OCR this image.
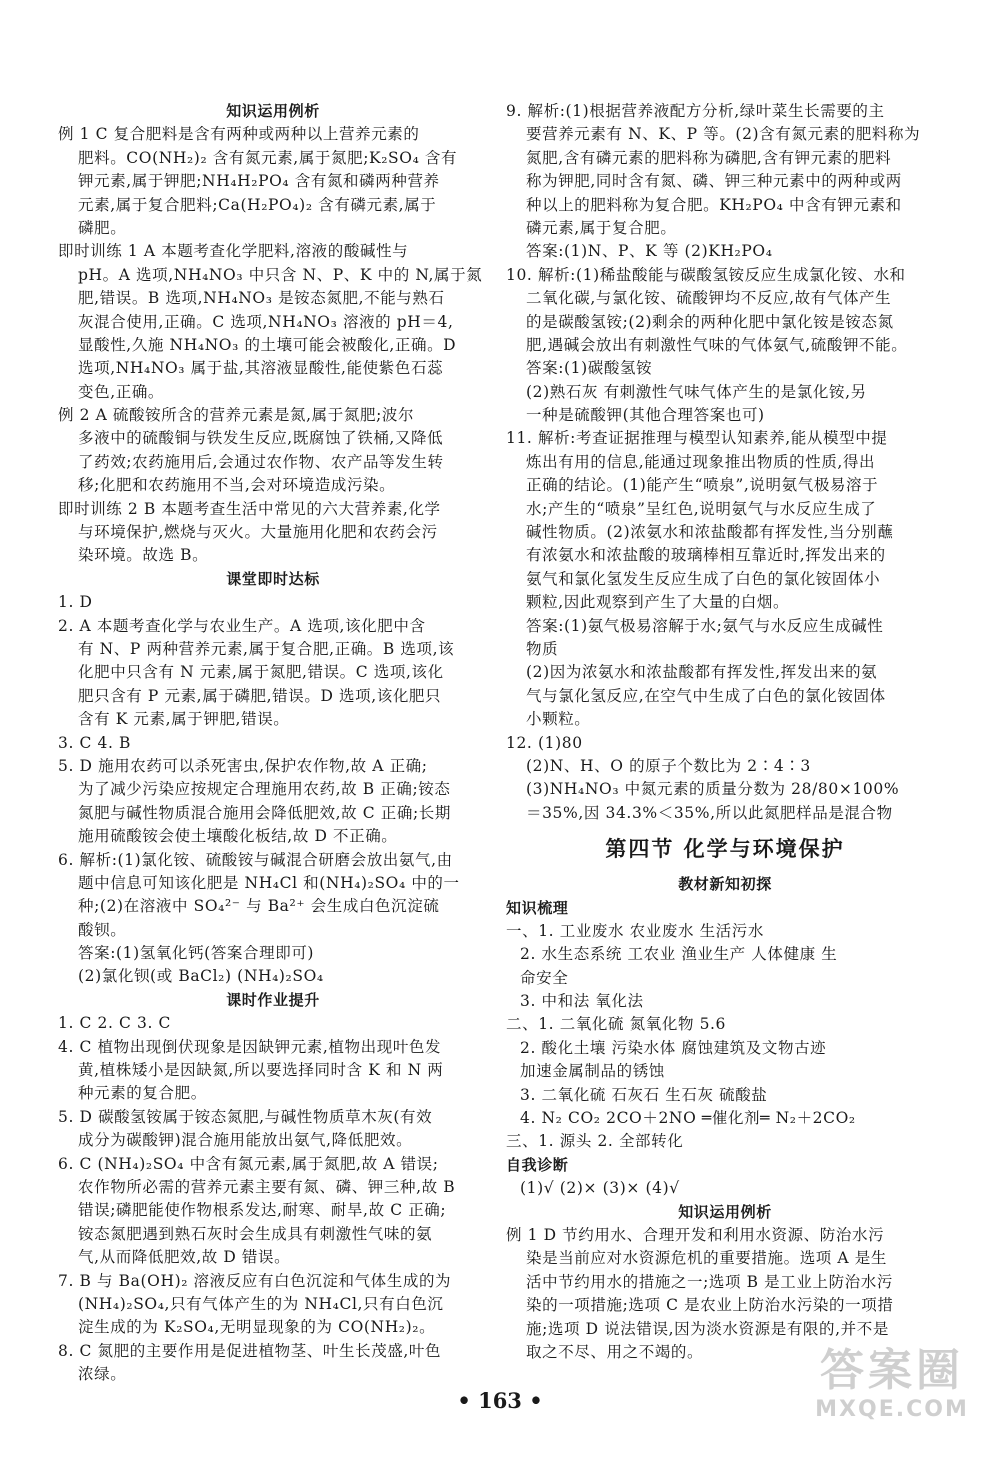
知识运用例析
例 1 C 复合肥料是含有两种或两种以上营养元素的
肥料。CO(NH₂)₂ 含有氮元素,属于氮肥;K₂SO₄ 含有
钾元素,属于钾肥;NH₄H₂PO₄ 含有氮和磷两种营养
元素,属于复合肥料;Ca(H₂PO₄)₂ 含有磷元素,属于
磷肥。
即时训练 1 A 本题考查化学肥料,溶液的酸碱性与
pH。A 选项,NH₄NO₃ 中只含 N、P、K 中的 N,属于氮
肥,错误。B 选项,NH₄NO₃ 是铵态氮肥,不能与熟石
灰混合使用,正确。C 选项,NH₄NO₃ 溶液的 pH＝4,
显酸性,久施 NH₄NO₃ 的土壤可能会被酸化,正确。D
选项,NH₄NO₃ 属于盐,其溶液显酸性,能使紫色石蕊
变色,正确。
例 2 A 硫酸铵所含的营养元素是氮,属于氮肥;波尔
多液中的硫酸铜与铁发生反应,既腐蚀了铁桶,又降低
了药效;农药施用后,会通过农作物、农产品等发生转
移;化肥和农药施用不当,会对环境造成污染。
即时训练 2 B 本题考查生活中常见的六大营养素,化学
与环境保护,燃烧与灭火。大量施用化肥和农药会污
染环境。故选 B。
课堂即时达标
1. D
2. A 本题考查化学与农业生产。A 选项,该化肥中含
有 N、P 两种营养元素,属于复合肥,正确。B 选项,该
化肥中只含有 N 元素,属于氮肥,错误。C 选项,该化
肥只含有 P 元素,属于磷肥,错误。D 选项,该化肥只
含有 K 元素,属于钾肥,错误。
3. C 4. B
5. D 施用农药可以杀死害虫,保护农作物,故 A 正确;
为了减少污染应按规定合理施用农药,故 B 正确;铵态
氮肥与碱性物质混合施用会降低肥效,故 C 正确;长期
施用硫酸铵会使土壤酸化板结,故 D 不正确。
6. 解析:(1)氯化铵、硫酸铵与碱混合研磨会放出氨气,由
题中信息可知该化肥是 NH₄Cl 和(NH₄)₂SO₄ 中的一
种;(2)在溶液中 SO₄²⁻ 与 Ba²⁺ 会生成白色沉淀硫
酸钡。
答案:(1)氢氧化钙(答案合理即可)
(2)氯化钡(或 BaCl₂) (NH₄)₂SO₄
课时作业提升
1. C 2. C 3. C
4. C 植物出现倒伏现象是因缺钾元素,植物出现叶色发
黄,植株矮小是因缺氮,所以要选择同时含 K 和 N 两
种元素的复合肥。
5. D 碳酸氢铵属于铵态氮肥,与碱性物质草木灰(有效
成分为碳酸钾)混合施用能放出氨气,降低肥效。
6. C (NH₄)₂SO₄ 中含有氮元素,属于氮肥,故 A 错误;
农作物所必需的营养元素主要有氮、磷、钾三种,故 B
错误;磷肥能使作物根系发达,耐寒、耐旱,故 C 正确;
铵态氮肥遇到熟石灰时会生成具有刺激性气味的氨
气,从而降低肥效,故 D 错误。
7. B 与 Ba(OH)₂ 溶液反应有白色沉淀和气体生成的为
(NH₄)₂SO₄,只有气体产生的为 NH₄Cl,只有白色沉
淀生成的为 K₂SO₄,无明显现象的为 CO(NH₂)₂。
8. C 氮肥的主要作用是促进植物茎、叶生长茂盛,叶色
浓绿。
9. 解析:(1)根据营养液配方分析,绿叶菜生长需要的主
要营养元素有 N、K、P 等。(2)含有氮元素的肥料称为
氮肥,含有磷元素的肥料称为磷肥,含有钾元素的肥料
称为钾肥,同时含有氮、磷、钾三种元素中的两种或两
种以上的肥料称为复合肥。KH₂PO₄ 中含有钾元素和
磷元素,属于复合肥。
答案:(1)N、P、K 等 (2)KH₂PO₄
10. 解析:(1)稀盐酸能与碳酸氢铵反应生成氯化铵、水和
二氧化碳,与氯化铵、硫酸钾均不反应,故有气体产生
的是碳酸氢铵;(2)剩余的两种化肥中氯化铵是铵态氮
肥,遇碱会放出有刺激性气味的气体氨气,硫酸钾不能。
答案:(1)碳酸氢铵
(2)熟石灰 有刺激性气味气体产生的是氯化铵,另
一种是硫酸钾(其他合理答案也可)
11. 解析:考查证据推理与模型认知素养,能从模型中提
炼出有用的信息,能通过现象推出物质的性质,得出
正确的结论。(1)能产生“喷泉”,说明氨气极易溶于
水;产生的“喷泉”呈红色,说明氨气与水反应生成了
碱性物质。(2)浓氨水和浓盐酸都有挥发性,当分别蘸
有浓氨水和浓盐酸的玻璃棒相互靠近时,挥发出来的
氨气和氯化氢发生反应生成了白色的氯化铵固体小
颗粒,因此观察到产生了大量的白烟。
答案:(1)氨气极易溶解于水;氨气与水反应生成碱性
物质
(2)因为浓氨水和浓盐酸都有挥发性,挥发出来的氨
气与氯化氢反应,在空气中生成了白色的氯化铵固体
小颗粒。
12. (1)80
(2)N、H、O 的原子个数比为 2∶4∶3
(3)NH₄NO₃ 中氮元素的质量分数为 28/80×100%
＝35%,因 34.3%＜35%,所以此氮肥样品是混合物
第四节 化学与环境保护
教材新知初探
知识梳理
一、1. 工业废水 农业废水 生活污水
2. 水生态系统 工农业 渔业生产 人体健康 生
命安全
3. 中和法 氧化法
二、1. 二氧化硫 氮氧化物 5.6
2. 酸化土壤 污染水体 腐蚀建筑及文物古迹
加速金属制品的锈蚀
3. 二氧化硫 石灰石 生石灰 硫酸盐
4. N₂ CO₂ 2CO＋2NO ═催化剂═ N₂＋2CO₂
三、1. 源头 2. 全部转化
自我诊断
(1)√ (2)× (3)× (4)√
知识运用例析
例 1 D 节约用水、合理开发和利用水资源、防治水污
染是当前应对水资源危机的重要措施。选项 A 是生
活中节约用水的措施之一;选项 B 是工业上防治水污
染的一项措施;选项 C 是农业上防治水污染的一项措
施;选项 D 说法错误,因为淡水资源是有限的,并不是
取之不尽、用之不竭的。
• 163 •
答案圈
MXQE.COM
